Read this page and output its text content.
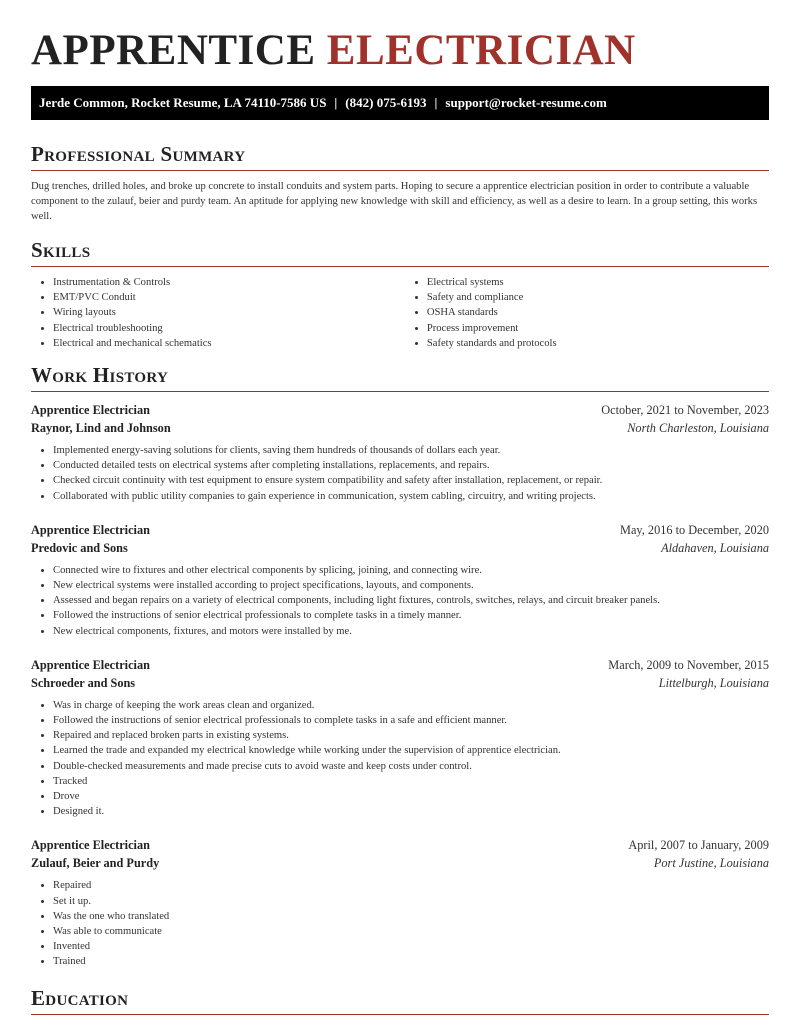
APPRENTICE ELECTRICIAN
Jerde Common, Rocket Resume, LA 74110-7586 US | (842) 075-6193 | support@rocket-resume.com
Professional Summary

Dug trenches, drilled holes, and broke up concrete to install conduits and system parts. Hoping to secure a apprentice electrician position in order to contribute a valuable component to the zulauf, beier and purdy team. An aptitude for applying new knowledge with skill and efficiency, as well as a desire to learn. In a group setting, this works well.

Skills
• Instrumentation & Controls
• EMT/PVC Conduit
• Wiring layouts
• Electrical troubleshooting
• Electrical and mechanical schematics
• Electrical systems
• Safety and compliance
• OSHA standards
• Process improvement
• Safety standards and protocols
Work History
Apprentice Electrician	October, 2021 to November, 2023
Raynor, Lind and Johnson	North Charleston, Louisiana
• Implemented energy-saving solutions for clients, saving them hundreds of thousands of dollars each year.
• Conducted detailed tests on electrical systems after completing installations, replacements, and repairs.
• Checked circuit continuity with test equipment to ensure system compatibility and safety after installation, replacement, or repair.
• Collaborated with public utility companies to gain experience in communication, system cabling, circuitry, and writing projects.
Apprentice Electrician	May, 2016 to December, 2020
Predovic and Sons	Aldahaven, Louisiana
• Connected wire to fixtures and other electrical components by splicing, joining, and connecting wire.
• New electrical systems were installed according to project specifications, layouts, and components.
• Assessed and began repairs on a variety of electrical components, including light fixtures, controls, switches, relays, and circuit breaker panels.
• Followed the instructions of senior electrical professionals to complete tasks in a timely manner.
• New electrical components, fixtures, and motors were installed by me.
Apprentice Electrician	March, 2009 to November, 2015
Schroeder and Sons	Littelburgh, Louisiana
• Was in charge of keeping the work areas clean and organized.
• Followed the instructions of senior electrical professionals to complete tasks in a safe and efficient manner.
• Repaired and replaced broken parts in existing systems.
• Learned the trade and expanded my electrical knowledge while working under the supervision of apprentice electrician.
• Double-checked measurements and made precise cuts to avoid waste and keep costs under control.
• Tracked
• Drove
• Designed it.
Apprentice Electrician	April, 2007 to January, 2009
Zulauf, Beier and Purdy	Port Justine, Louisiana
• Repaired
• Set it up.
• Was the one who translated
• Was able to communicate
• Invented
• Trained
Education
